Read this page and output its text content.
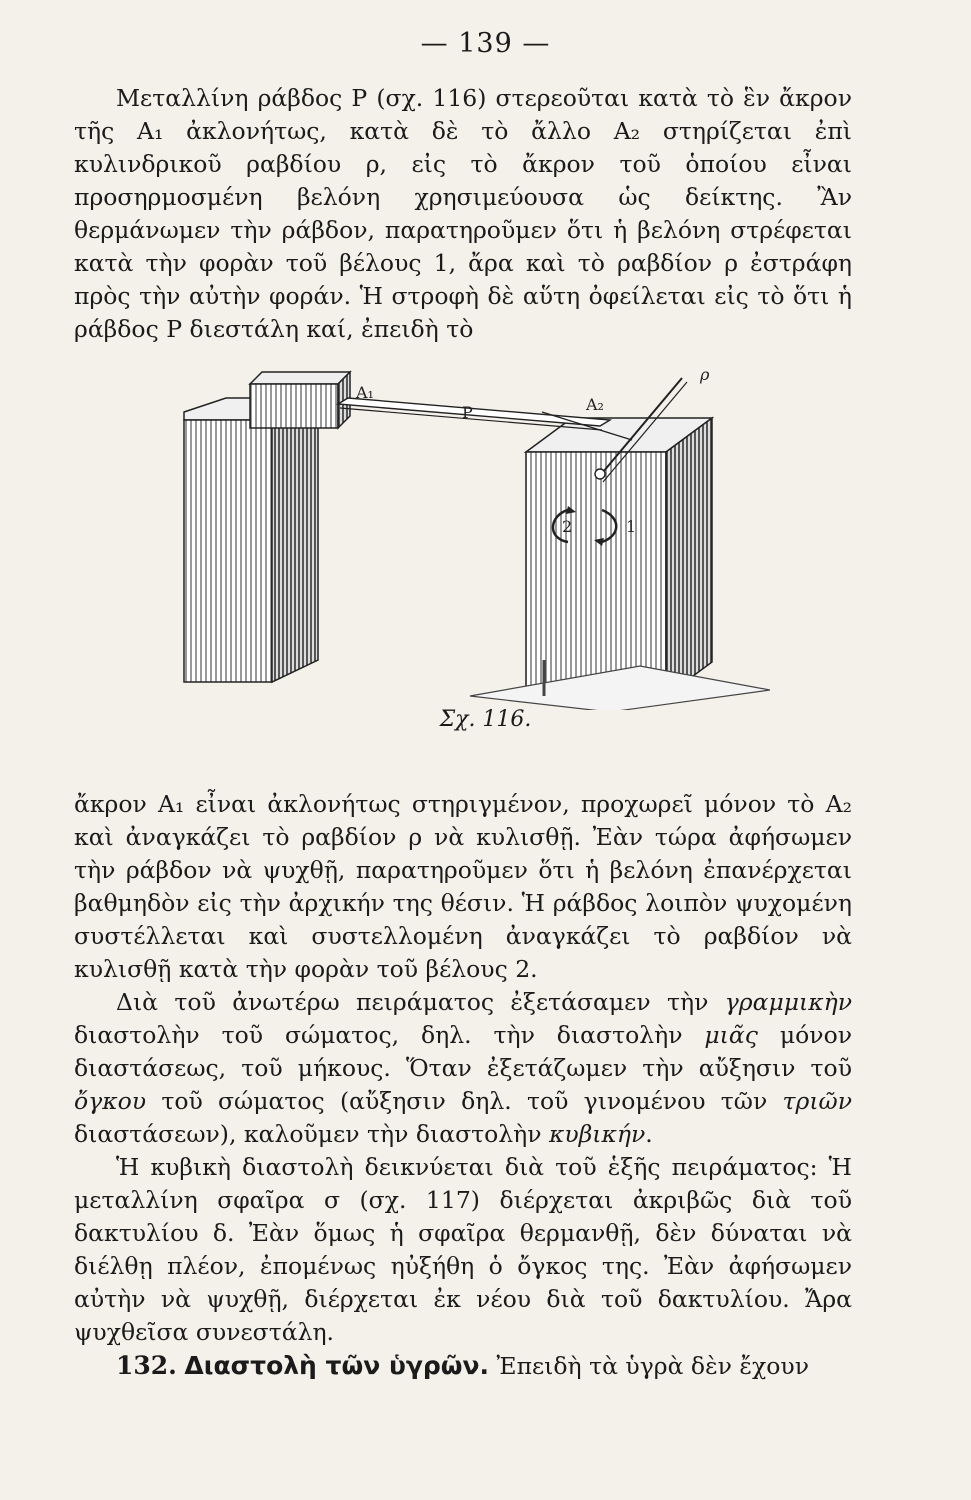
— 139 —

Μεταλλίνη ράβδος Ρ (σχ. 116) στερεοῦται κατὰ τὸ ἓν ἄκρον τῆς Α₁ ἀκλονήτως, κατὰ δὲ τὸ ἄλλο Α₂ στηρίζεται ἐπὶ κυλινδρικοῦ ραβδίου ρ, εἰς τὸ ἄκρον τοῦ ὁποίου εἶναι προσηρμοσμένη βελόνη χρησιμεύουσα ὡς δείκτης. Ἂν θερμάνωμεν τὴν ράβδον, παρατηροῦμεν ὅτι ἡ βελόνη στρέφεται κατὰ τὴν φορὰν τοῦ βέλους 1, ἄρα καὶ τὸ ραβδίον ρ ἐστράφη πρὸς τὴν αὐτὴν φοράν. Ἡ στροφὴ δὲ αὕτη ὀφείλεται εἰς τὸ ὅτι ἡ ράβδος Ρ διεστάλη καί, ἐπειδὴ τὸ

A₁
P	A₂
ρ
2	1
Σχ. 116.

ἄκρον Α₁ εἶναι ἀκλονήτως στηριγμένον, προχωρεῖ μόνον τὸ Α₂ καὶ ἀναγκάζει τὸ ραβδίον ρ νὰ κυλισθῇ. Ἐὰν τώρα ἀφήσωμεν τὴν ράβδον νὰ ψυχθῇ, παρατηροῦμεν ὅτι ἡ βελόνη ἐπανέρχεται βαθμηδὸν εἰς τὴν ἀρχικήν της θέσιν. Ἡ ράβδος λοιπὸν ψυχομένη συστέλλεται καὶ συστελλομένη ἀναγκάζει τὸ ραβδίον νὰ κυλισθῇ κατὰ τὴν φορὰν τοῦ βέλους 2.

Διὰ τοῦ ἀνωτέρω πειράματος ἐξετάσαμεν τὴν γραμμικὴν διαστολὴν τοῦ σώματος, δηλ. τὴν διαστολὴν μιᾶς μόνον διαστάσεως, τοῦ μήκους. Ὅταν ἐξετάζωμεν τὴν αὔξησιν τοῦ ὄγκου τοῦ σώματος (αὔξησιν δηλ. τοῦ γινομένου τῶν τριῶν διαστάσεων), καλοῦμεν τὴν διαστολὴν κυβικήν.

Ἡ κυβικὴ διαστολὴ δεικνύεται διὰ τοῦ ἑξῆς πειράματος: Ἡ μεταλλίνη σφαῖρα σ (σχ. 117) διέρχεται ἀκριβῶς διὰ τοῦ δακτυλίου δ. Ἐὰν ὅμως ἡ σφαῖρα θερμανθῇ, δὲν δύναται νὰ διέλθῃ πλέον, ἐπομένως ηὐξήθη ὁ ὄγκος της. Ἐὰν ἀφήσωμεν αὐτὴν νὰ ψυχθῇ, διέρχεται ἐκ νέου διὰ τοῦ δακτυλίου. Ἄρα ψυχθεῖσα συνεστάλη.

132. Διαστολὴ τῶν ὑγρῶν. Ἐπειδὴ τὰ ὑγρὰ δὲν ἔχουν
